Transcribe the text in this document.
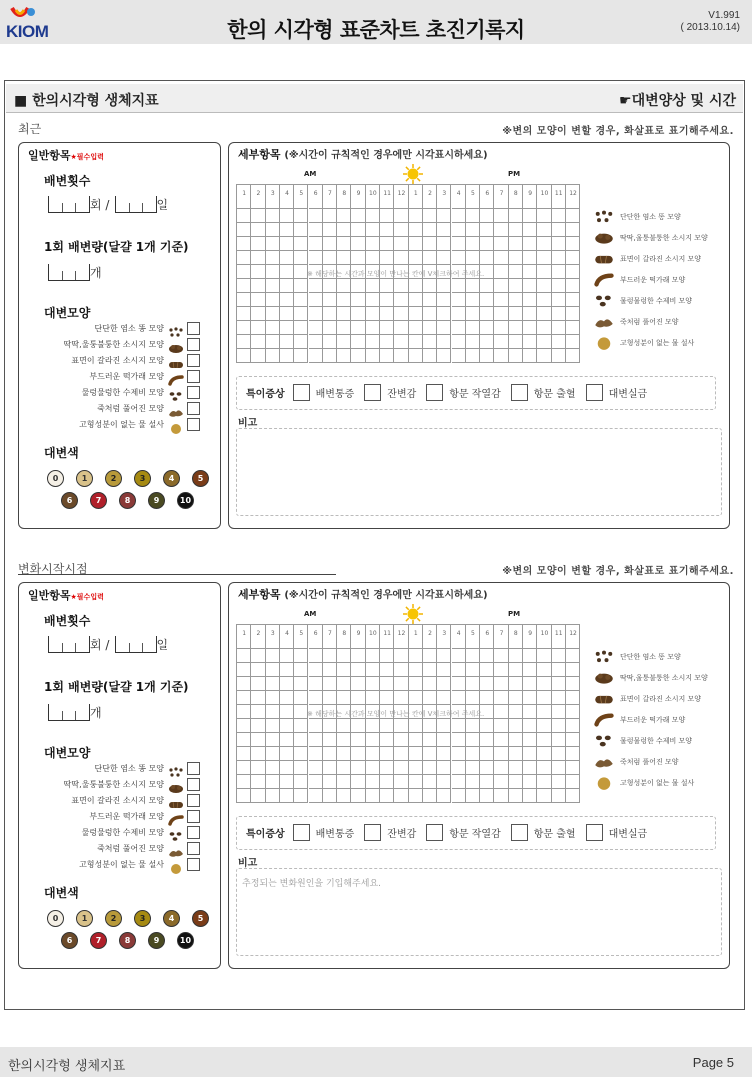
KIOM	한의 시각형 표준차트 초진기록지
V1.991
( 2013.10.14)
■ 한의시각형 생체지표	☛대변양상 및 시간
최근	※변의 모양이 변할 경우, 화살표로 표기해주세요.
일반항목★필수입력
배변횟수
회 /	일
1회 배변량(달걀 1개 기준)
개
대변모양
단단한 염소 똥 모양
딱딱,울퉁불퉁한 소시지 모양
표면이 갈라진 소시지 모양
부드러운 떡가래 모양
물렁물렁한 수제비 모양
죽처럼 풀어진 모양
고형성분이 없는 물 설사
대변색
0	1	2	3	4	5
6	7	8	9	10
세부항목 (※시간이 규칙적인 경우에만 시각표시하세요)
AM	PM
1	2	3	4	5	6	7	8	9	10	11	12	1	2	3	4	5	6	7	8	9	10	11	12
※ 해당하는 시간과 모양이 만나는 칸에 V체크하여 주세요.
단단한 염소 똥 모양
딱딱,울퉁불퉁한 소시지 모양
표면이 갈라진 소시지 모양
부드러운 떡가래 모양
물렁물렁한 수제비 모양
죽처럼 풀어진 모양
고형성분이 없는 물 설사
특이증상	배변통증	잔변감	항문 작열감	항문 출혈	대변실금
비고
변화시작시점	※변의 모양이 변할 경우, 화살표로 표기해주세요.
일반항목★필수입력
배변횟수
회 /	일
1회 배변량(달걀 1개 기준)
개
대변모양
단단한 염소 똥 모양
딱딱,울퉁불퉁한 소시지 모양
표면이 갈라진 소시지 모양
부드러운 떡가래 모양
물렁물렁한 수제비 모양
죽처럼 풀어진 모양
고형성분이 없는 물 설사
대변색
0	1	2	3	4	5
6	7	8	9	10
세부항목 (※시간이 규칙적인 경우에만 시각표시하세요)
AM	PM
1	2	3	4	5	6	7	8	9	10	11	12	1	2	3	4	5	6	7	8	9	10	11	12
※ 해당하는 시간과 모양이 만나는 칸에 V체크하여 주세요.
단단한 염소 똥 모양
딱딱,울퉁불퉁한 소시지 모양
표면이 갈라진 소시지 모양
부드러운 떡가래 모양
물렁물렁한 수제비 모양
죽처럼 풀어진 모양
고형성분이 없는 물 설사
특이증상	배변통증	잔변감	항문 작열감	항문 출혈	대변실금
비고
추정되는 변화원인을 기입해주세요.
한의시각형 생체지표	Page 5
